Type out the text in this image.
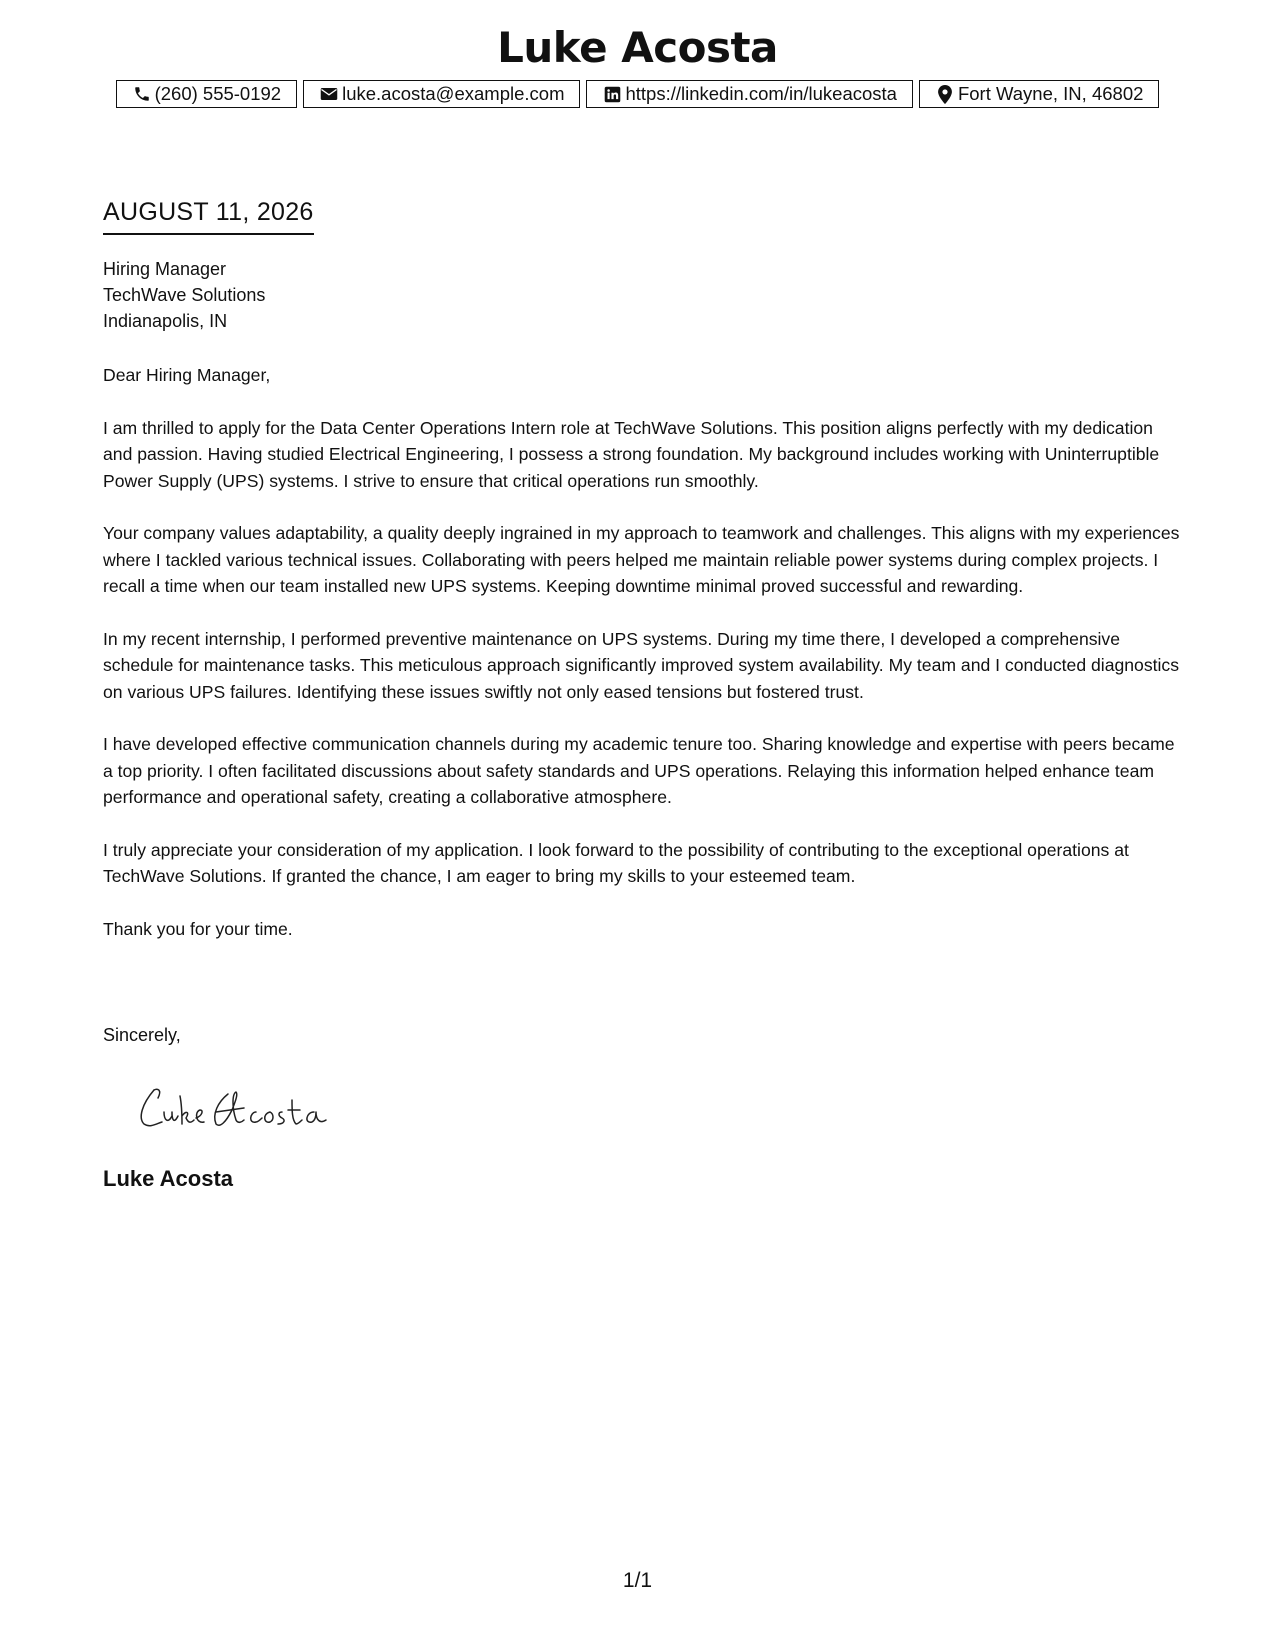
Luke Acosta
(260) 555-0192	luke.acosta@example.com	https://linkedin.com/in/lukeacosta	Fort Wayne, IN, 46802
AUGUST 11, 2026
Hiring Manager
TechWave Solutions
Indianapolis, IN

Dear Hiring Manager,

I am thrilled to apply for the Data Center Operations Intern role at TechWave Solutions. This position aligns perfectly with my dedication and passion. Having studied Electrical Engineering, I possess a strong foundation. My background includes working with Uninterruptible Power Supply (UPS) systems. I strive to ensure that critical operations run smoothly.

Your company values adaptability, a quality deeply ingrained in my approach to teamwork and challenges. This aligns with my experiences where I tackled various technical issues. Collaborating with peers helped me maintain reliable power systems during complex projects. I recall a time when our team installed new UPS systems. Keeping downtime minimal proved successful and rewarding.

In my recent internship, I performed preventive maintenance on UPS systems. During my time there, I developed a comprehensive schedule for maintenance tasks. This meticulous approach significantly improved system availability. My team and I conducted diagnostics on various UPS failures. Identifying these issues swiftly not only eased tensions but fostered trust.

I have developed effective communication channels during my academic tenure too. Sharing knowledge and expertise with peers became a top priority. I often facilitated discussions about safety standards and UPS operations. Relaying this information helped enhance team performance and operational safety, creating a collaborative atmosphere.

I truly appreciate your consideration of my application. I look forward to the possibility of contributing to the exceptional operations at TechWave Solutions. If granted the chance, I am eager to bring my skills to your esteemed team.

Thank you for your time.

Sincerely,
Luke Acosta
1/1
